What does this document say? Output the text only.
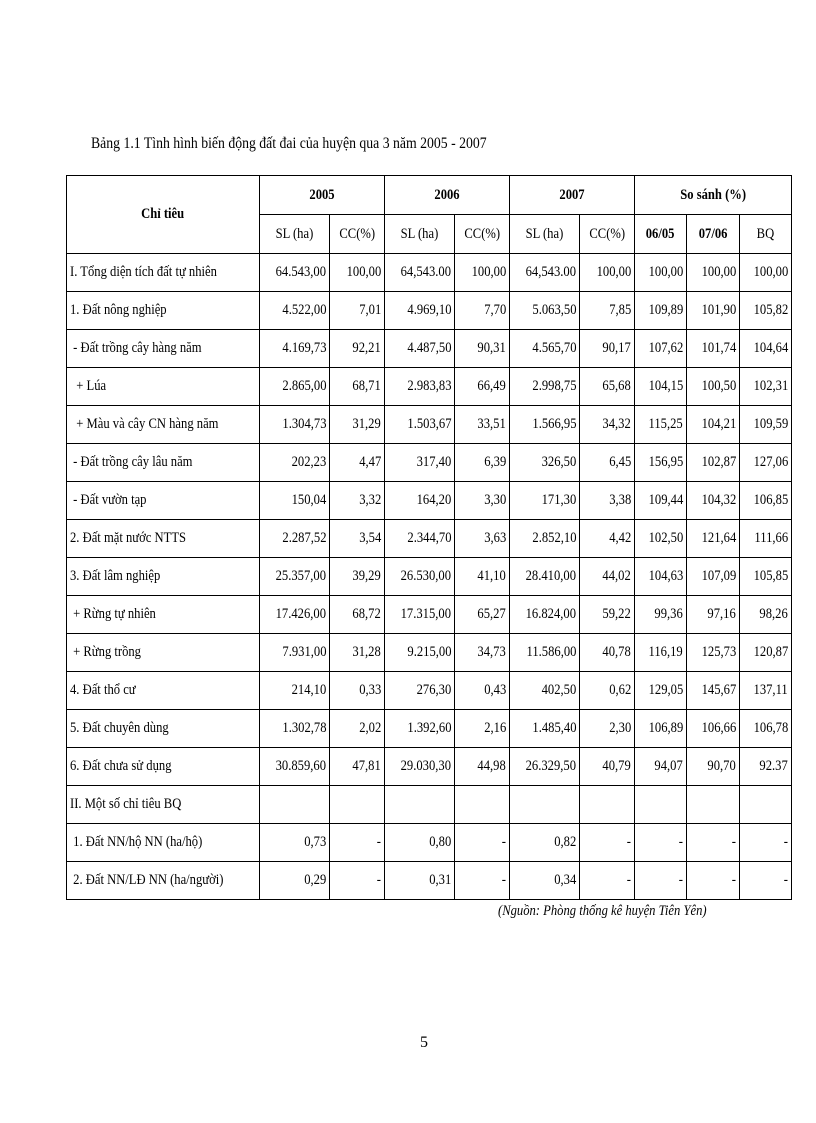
Bảng 1.1 Tình hình biến động đất đai của huyện qua 3 năm 2005 - 2007
Chỉ tiêu	2005		2006		2007		So sánh (%)		
	SL (ha)	CC(%)	SL (ha)	CC(%)	SL (ha)	CC(%)	06/05	07/06	BQ
I. Tổng diện tích đất tự nhiên	64.543,00	100,00	64,543.00	100,00	64,543.00	100,00	100,00	100,00	100,00
1. Đất nông nghiệp	4.522,00	7,01	4.969,10	7,70	5.063,50	7,85	109,89	101,90	105,82
- Đất trồng cây hàng năm	4.169,73	92,21	4.487,50	90,31	4.565,70	90,17	107,62	101,74	104,64
+ Lúa	2.865,00	68,71	2.983,83	66,49	2.998,75	65,68	104,15	100,50	102,31
+ Màu và cây CN hàng năm	1.304,73	31,29	1.503,67	33,51	1.566,95	34,32	115,25	104,21	109,59
- Đất trồng cây lâu năm	202,23	4,47	317,40	6,39	326,50	6,45	156,95	102,87	127,06
- Đất vườn tạp	150,04	3,32	164,20	3,30	171,30	3,38	109,44	104,32	106,85
2. Đất mặt nước NTTS	2.287,52	3,54	2.344,70	3,63	2.852,10	4,42	102,50	121,64	111,66
3. Đất lâm nghiệp	25.357,00	39,29	26.530,00	41,10	28.410,00	44,02	104,63	107,09	105,85
+ Rừng tự nhiên	17.426,00	68,72	17.315,00	65,27	16.824,00	59,22	99,36	97,16	98,26
+ Rừng trồng	7.931,00	31,28	9.215,00	34,73	11.586,00	40,78	116,19	125,73	120,87
4. Đất thổ cư	214,10	0,33	276,30	0,43	402,50	0,62	129,05	145,67	137,11
5. Đất chuyên dùng	1.302,78	2,02	1.392,60	2,16	1.485,40	2,30	106,89	106,66	106,78
6. Đất chưa sử dụng	30.859,60	47,81	29.030,30	44,98	26.329,50	40,79	94,07	90,70	92.37
II. Một số chỉ tiêu BQ									
1. Đất NN/hộ NN (ha/hộ)	0,73	-	0,80	-	0,82	-	-	-	-
2. Đất NN/LĐ NN (ha/người)	0,29	-	0,31	-	0,34	-	-	-	-
(Nguồn: Phòng thống kê huyện Tiên Yên)
5
